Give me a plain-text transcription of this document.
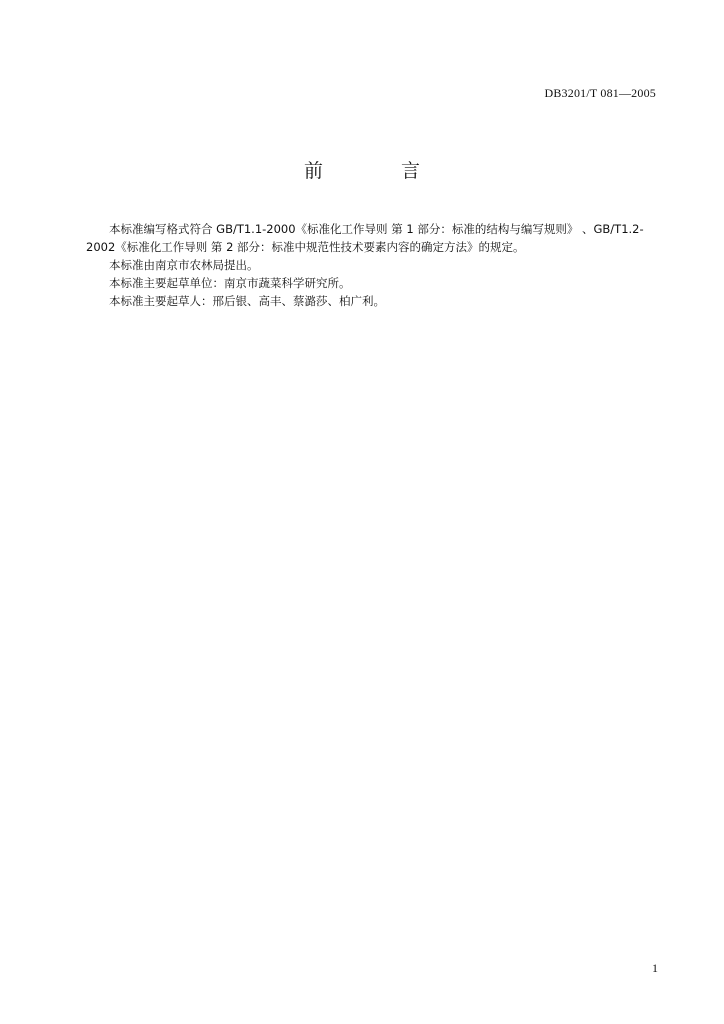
DB3201/T 081—2005
前 言

本标准编写格式符合 GB/T1.1-2000《标准化工作导则 第 1 部分：标准的结构与编写规则》 、GB/T1.2-2002《标准化工作导则 第 2 部分：标准中规范性技术要素内容的确定方法》的规定。

本标准由南京市农林局提出。

本标准主要起草单位：南京市蔬菜科学研究所。

本标准主要起草人：邢后银、高丰、蔡潞莎、柏广利。

1
